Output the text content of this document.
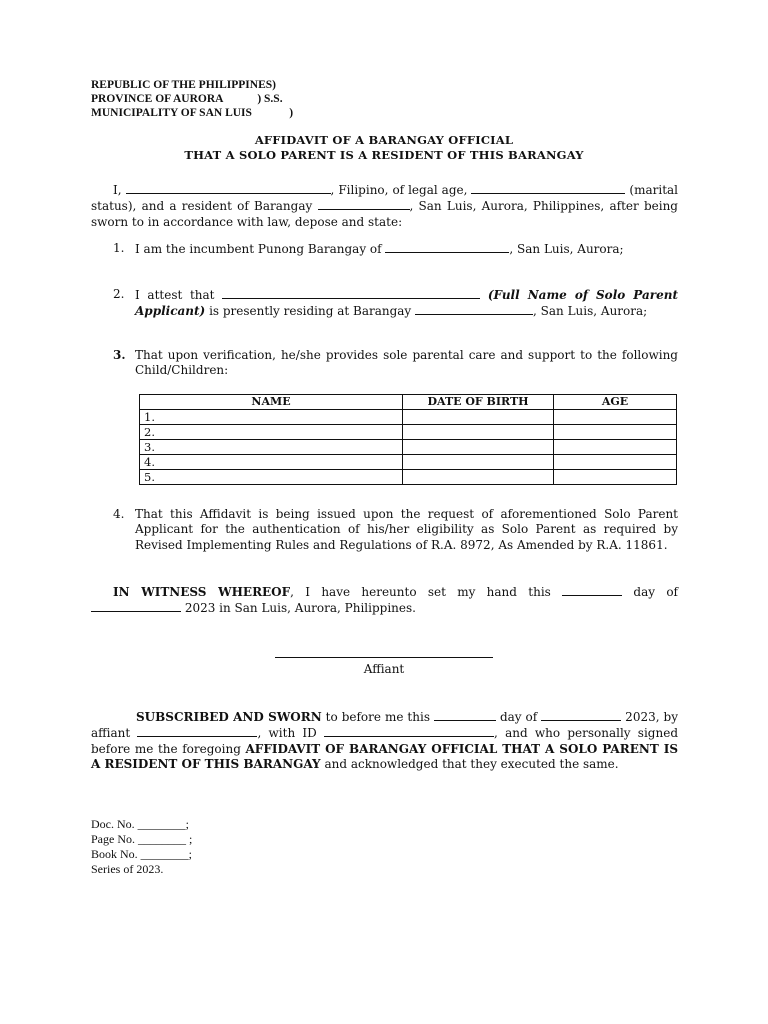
REPUBLIC OF THE PHILIPPINES)
PROVINCE OF AURORA            ) S.S.
MUNICIPALITY OF SAN LUIS             )
AFFIDAVIT OF A BARANGAY OFFICIAL
THAT A SOLO PARENT IS A RESIDENT OF THIS BARANGAY
I,	, Filipino, of legal age,	(marital status), and a resident of Barangay	, San Luis, Aurora, Philippines, after being sworn to in accordance with law, depose and state:
1. I am the incumbent Punong Barangay of	, San Luis, Aurora;
2. I attest that	(Full Name of Solo Parent Applicant) is presently residing at Barangay	, San Luis, Aurora;
3. That upon verification, he/she provides sole parental care and support to the following Child/Children:
NAME	DATE OF BIRTH	AGE
1.		
2.		
3.		
4.		
5.		
4. That this Affidavit is being issued upon the request of aforementioned Solo Parent Applicant for the authentication of his/her eligibility as Solo Parent as required by Revised Implementing Rules and Regulations of R.A. 8972, As Amended by R.A. 11861.
IN WITNESS WHEREOF, I have hereunto set my hand this	day of  2023 in San Luis, Aurora, Philippines.
Affiant
SUBSCRIBED AND SWORN to before me this	day of	2023, by affiant	, with ID	, and who personally signed before me the foregoing AFFIDAVIT OF BARANGAY OFFICIAL THAT A SOLO PARENT IS A RESIDENT OF THIS BARANGAY and acknowledged that they executed the same.
Doc. No. ________;
Page No. ________ ;
Book No. ________;
Series of 2023.
